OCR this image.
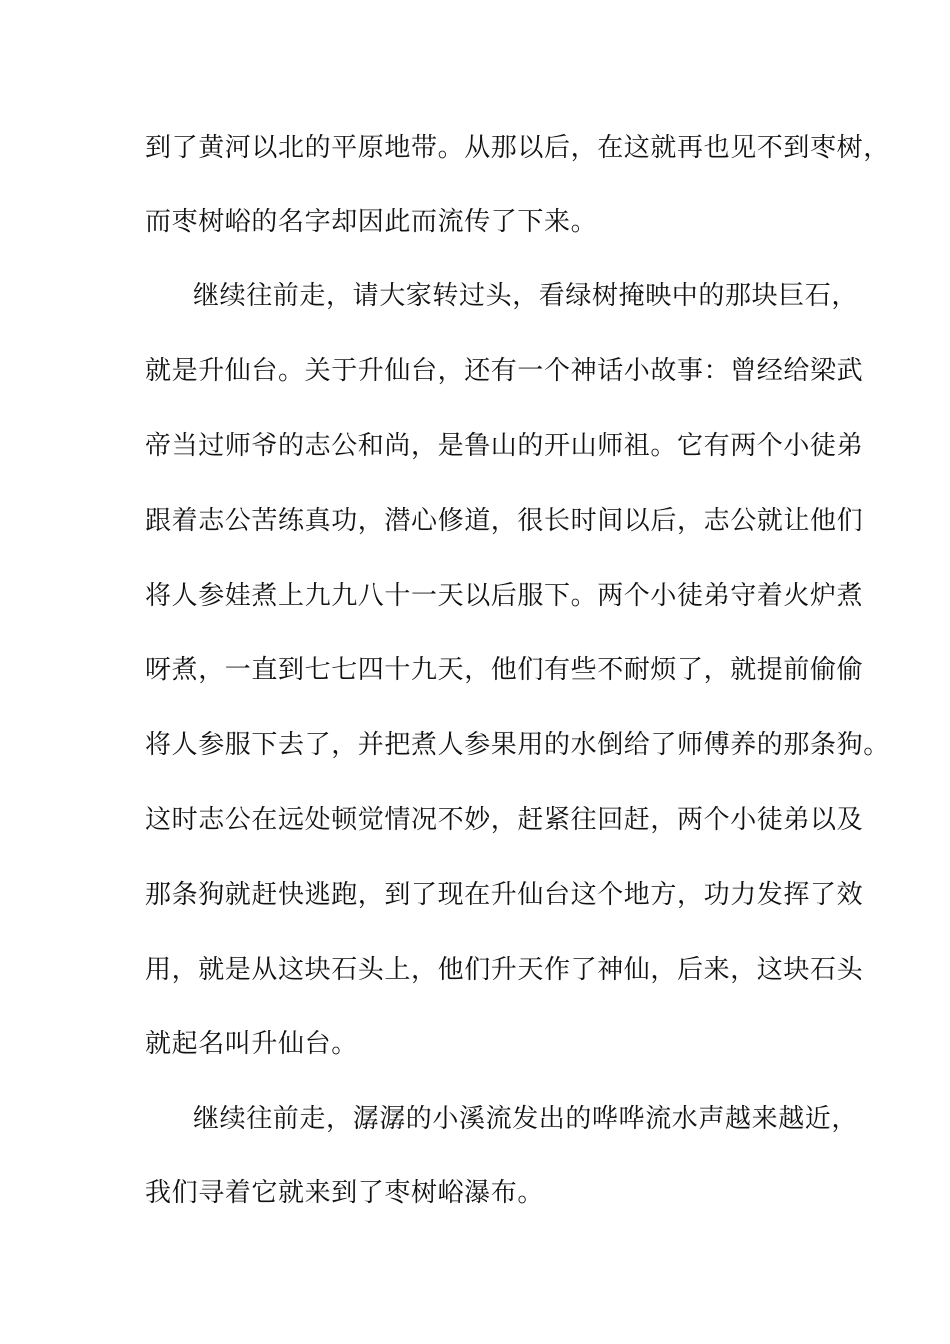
到了黄河以北的平原地带。从那以后，在这就再也见不到枣树，
而枣树峪的名字却因此而流传了下来。
继续往前走，请大家转过头，看绿树掩映中的那块巨石，
就是升仙台。关于升仙台，还有一个神话小故事：曾经给梁武
帝当过师爷的志公和尚，是鲁山的开山师祖。它有两个小徒弟
跟着志公苦练真功，潜心修道，很长时间以后，志公就让他们
将人参娃煮上九九八十一天以后服下。两个小徒弟守着火炉煮
呀煮，一直到七七四十九天，他们有些不耐烦了，就提前偷偷
将人参服下去了，并把煮人参果用的水倒给了师傅养的那条狗。
这时志公在远处顿觉情况不妙，赶紧往回赶，两个小徒弟以及
那条狗就赶快逃跑，到了现在升仙台这个地方，功力发挥了效
用，就是从这块石头上，他们升天作了神仙，后来，这块石头
就起名叫升仙台。
继续往前走，潺潺的小溪流发出的哗哗流水声越来越近，
我们寻着它就来到了枣树峪瀑布。
